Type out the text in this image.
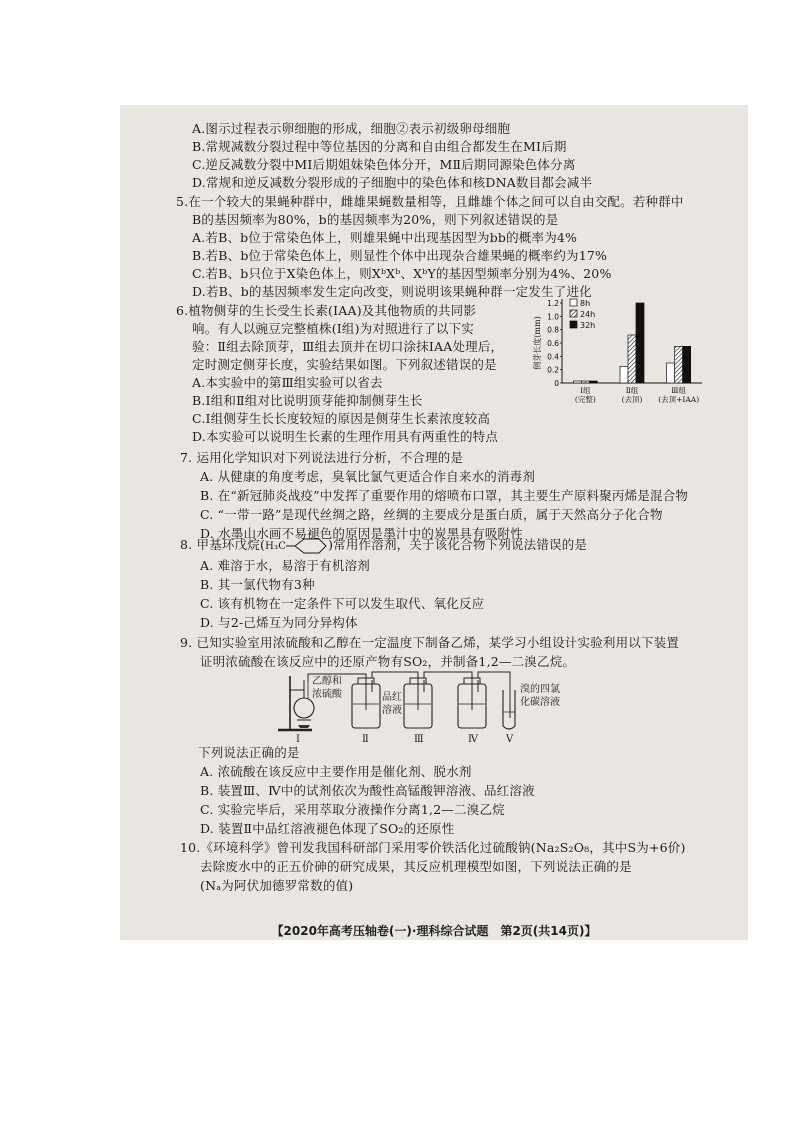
A.图示过程表示卵细胞的形成，细胞②表示初级卵母细胞
B.常规减数分裂过程中等位基因的分离和自由组合都发生在MⅠ后期
C.逆反减数分裂中MⅠ后期姐妹染色体分开，MⅡ后期同源染色体分离
D.常规和逆反减数分裂形成的子细胞中的染色体和核DNA数目都会减半
5.在一个较大的果蝇种群中，雌雄果蝇数量相等，且雌雄个体之间可以自由交配。若种群中
B的基因频率为80%，b的基因频率为20%，则下列叙述错误的是
A.若B、b位于常染色体上，则雄果蝇中出现基因型为bb的概率为4%
B.若B、b位于常染色体上，则显性个体中出现杂合雄果蝇的概率约为17%
C.若B、b只位于X染色体上，则XᵇXᵇ、XᵇY的基因型频率分别为4%、20%
D.若B、b的基因频率发生定向改变，则说明该果蝇种群一定发生了进化
6.植物侧芽的生长受生长素(IAA)及其他物质的共同影
响。有人以豌豆完整植株(Ⅰ组)为对照进行了以下实
验：Ⅱ组去除顶芽，Ⅲ组去顶并在切口涂抹IAA处理后，
定时测定侧芽长度，实验结果如图。下列叙述错误的是
A.本实验中的第Ⅲ组实验可以省去
B.Ⅰ组和Ⅱ组对比说明顶芽能抑制侧芽生长
C.Ⅰ组侧芽生长长度较短的原因是侧芽生长素浓度较高
D.本实验可以说明生长素的生理作用具有两重性的特点
0
0.2
0.4
0.6
0.8
1.0
1.2
侧芽长度(mm)
Ⅰ组
(完整)
Ⅱ组
(去顶)
Ⅲ组
(去顶+IAA)
8h
24h
32h
7. 运用化学知识对下列说法进行分析，不合理的是
A. 从健康的角度考虑，臭氧比氯气更适合作自来水的消毒剂
B. 在“新冠肺炎战疫”中发挥了重要作用的熔喷布口罩，其主要生产原料聚丙烯是混合物
C. “一带一路”是现代丝绸之路，丝绸的主要成分是蛋白质，属于天然高分子化合物
D. 水墨山水画不易褪色的原因是墨汁中的炭黑具有吸附性
8. 甲基环戊烷(H₃C	)常用作溶剂，关于该化合物下列说法错误的是
A. 难溶于水，易溶于有机溶剂
B. 其一氯代物有3种
C. 该有机物在一定条件下可以发生取代、氧化反应
D. 与2-己烯互为同分异构体
9. 已知实验室用浓硫酸和乙醇在一定温度下制备乙烯，某学习小组设计实验利用以下装置
证明浓硫酸在该反应中的还原产物有SO₂，并制备1,2—二溴乙烷。
乙醇和
浓硫酸	品红
溶液
溴的四氯
化碳溶液
Ⅰ	Ⅱ	Ⅲ	Ⅳ	Ⅴ
下列说法正确的是
A. 浓硫酸在该反应中主要作用是催化剂、脱水剂
B. 装置Ⅲ、Ⅳ中的试剂依次为酸性高锰酸钾溶液、品红溶液
C. 实验完毕后，采用萃取分液操作分离1,2—二溴乙烷
D. 装置Ⅱ中品红溶液褪色体现了SO₂的还原性
10.《环境科学》曾刊发我国科研部门采用零价铁活化过硫酸钠(Na₂S₂O₈，其中S为+6价)
去除废水中的正五价砷的研究成果，其反应机理模型如图，下列说法正确的是
(Nₐ为阿伏加德罗常数的值)
【2020年高考压轴卷(一)·理科综合试题　第2页(共14页)】
